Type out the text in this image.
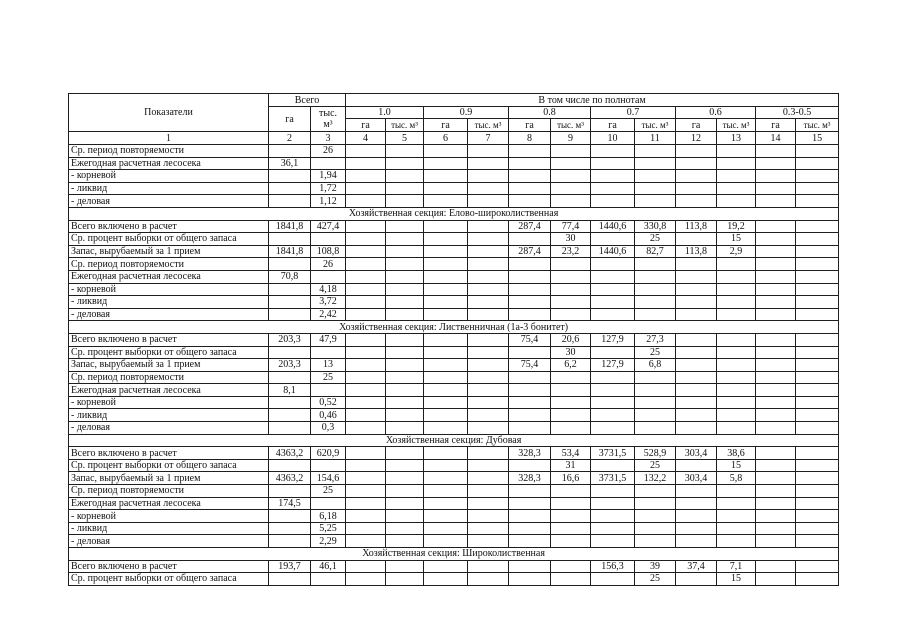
Показатели	Всего		В том числе по полнотам											
	га	тыс. м³	1.0		0.9		0.8		0.7		0.6		0.3-0.5	
			га	тыс. м³	га	тыс. м³	га	тыс. м³	га	тыс. м³	га	тыс. м³	га	тыс. м³
1	2	3	4	5	6	7	8	9	10	11	12	13	14	15
Ср. период повторяемости		26												
Ежегодная расчетная лесосека	36,1													
- корневой		1,94												
- ликвид		1,72												
- деловая		1,12												
Хозяйственная секция: Елово-широколиственная														
Всего включено в расчет	1841,8	427,4					287,4	77,4	1440,6	330,8	113,8	19,2		
Ср. процент выборки от общего запаса								30		25		15		
Запас, вырубаемый за 1 прием	1841,8	108,8					287,4	23,2	1440,6	82,7	113,8	2,9		
Ср. период повторяемости		26												
Ежегодная расчетная лесосека	70,8													
- корневой		4,18												
- ликвид		3,72												
- деловая		2,42												
Хозяйственная секция: Лиственничная (1а-3 бонитет)														
Всего включено в расчет	203,3	47,9					75,4	20,6	127,9	27,3				
Ср. процент выборки от общего запаса								30		25				
Запас, вырубаемый за 1 прием	203,3	13					75,4	6,2	127,9	6,8				
Ср. период повторяемости		25												
Ежегодная расчетная лесосека	8,1													
- корневой		0,52												
- ликвид		0,46												
- деловая		0,3												
Хозяйственная секция: Дубовая														
Всего включено в расчет	4363,2	620,9					328,3	53,4	3731,5	528,9	303,4	38,6		
Ср. процент выборки от общего запаса								31		25		15		
Запас, вырубаемый за 1 прием	4363,2	154,6					328,3	16,6	3731,5	132,2	303,4	5,8		
Ср. период повторяемости		25												
Ежегодная расчетная лесосека	174,5													
- корневой		6,18												
- ликвид		5,25												
- деловая		2,29												
Хозяйственная секция: Широколиственная														
Всего включено в расчет	193,7	46,1							156,3	39	37,4	7,1		
Ср. процент выборки от общего запаса										25		15		
